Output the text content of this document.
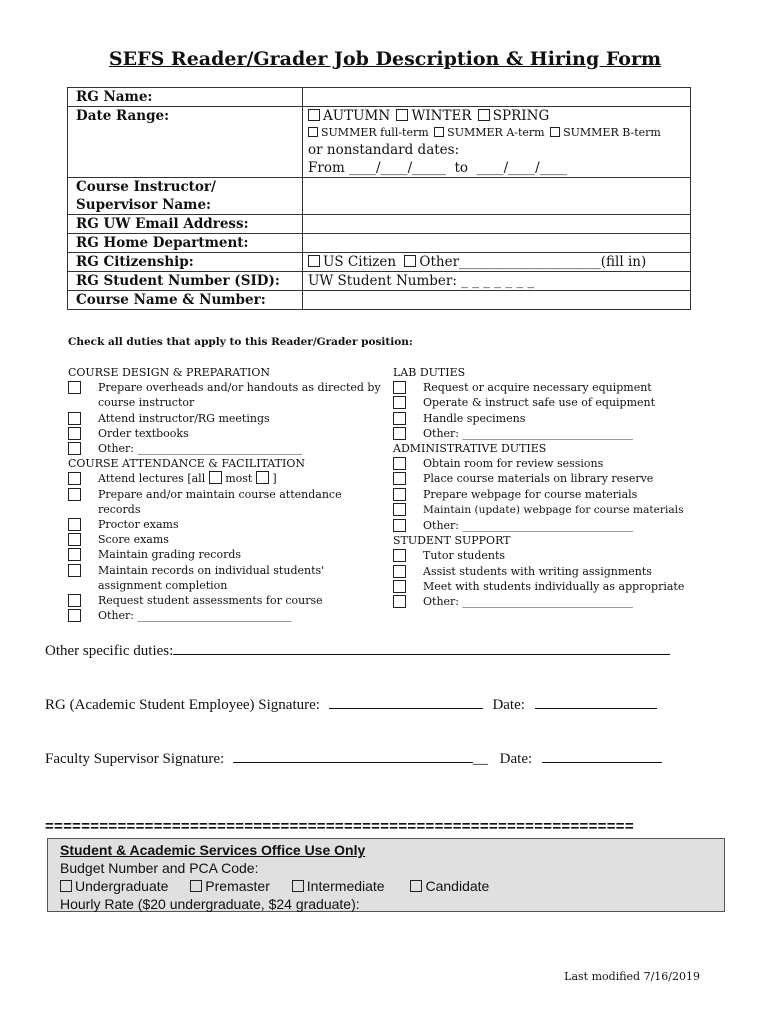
SEFS Reader/Grader Job Description & Hiring Form
RG Name:	
Date Range:	AUTUMN WINTER SPRING
SUMMER full-term SUMMER A-term SUMMER B-term
or nonstandard dates:
From ____/____/_____  to  ____/____/____

Course Instructor/
Supervisor Name:	

RG UW Email Address:	
RG Home Department:	
RG Citizenship:	US Citizen Other_____________________(fill in)
RG Student Number (SID):	UW Student Number: _ _ _ _ _ _ _
Course Name & Number:	
Check all duties that apply to this Reader/Grader position:
COURSE DESIGN & PREPARATION
Prepare overheads and/or handouts as directed by course instructor
Attend instructor/RG meetings
Order textbooks
Other: ______________________________
COURSE ATTENDANCE & FACILITATION
Attend lectures [all most ]
Prepare and/or maintain course attendance records
Proctor exams
Score exams
Maintain grading records
Maintain records on individual students' assignment completion
Request student assessments for course
Other: ____________________________
LAB DUTIES
Request or acquire necessary equipment
Operate & instruct safe use of equipment
Handle specimens
Other: _______________________________
ADMINISTRATIVE DUTIES
Obtain room for review sessions
Place course materials on library reserve
Prepare webpage for course materials
Maintain (update) webpage for course materials
Other: _______________________________
STUDENT SUPPORT
Tutor students
Assist students with writing assignments
Meet with students individually as appropriate
Other: _______________________________
Other specific duties:
RG (Academic Student Employee) Signature:	Date:
Faculty Supervisor Signature:	__ Date:
=================================================================
Student & Academic Services Office Use Only
Budget Number and PCA Code:
Undergraduate	Premaster	Intermediate	Candidate
Hourly Rate ($20 undergraduate, $24 graduate):
Last modified 7/16/2019
